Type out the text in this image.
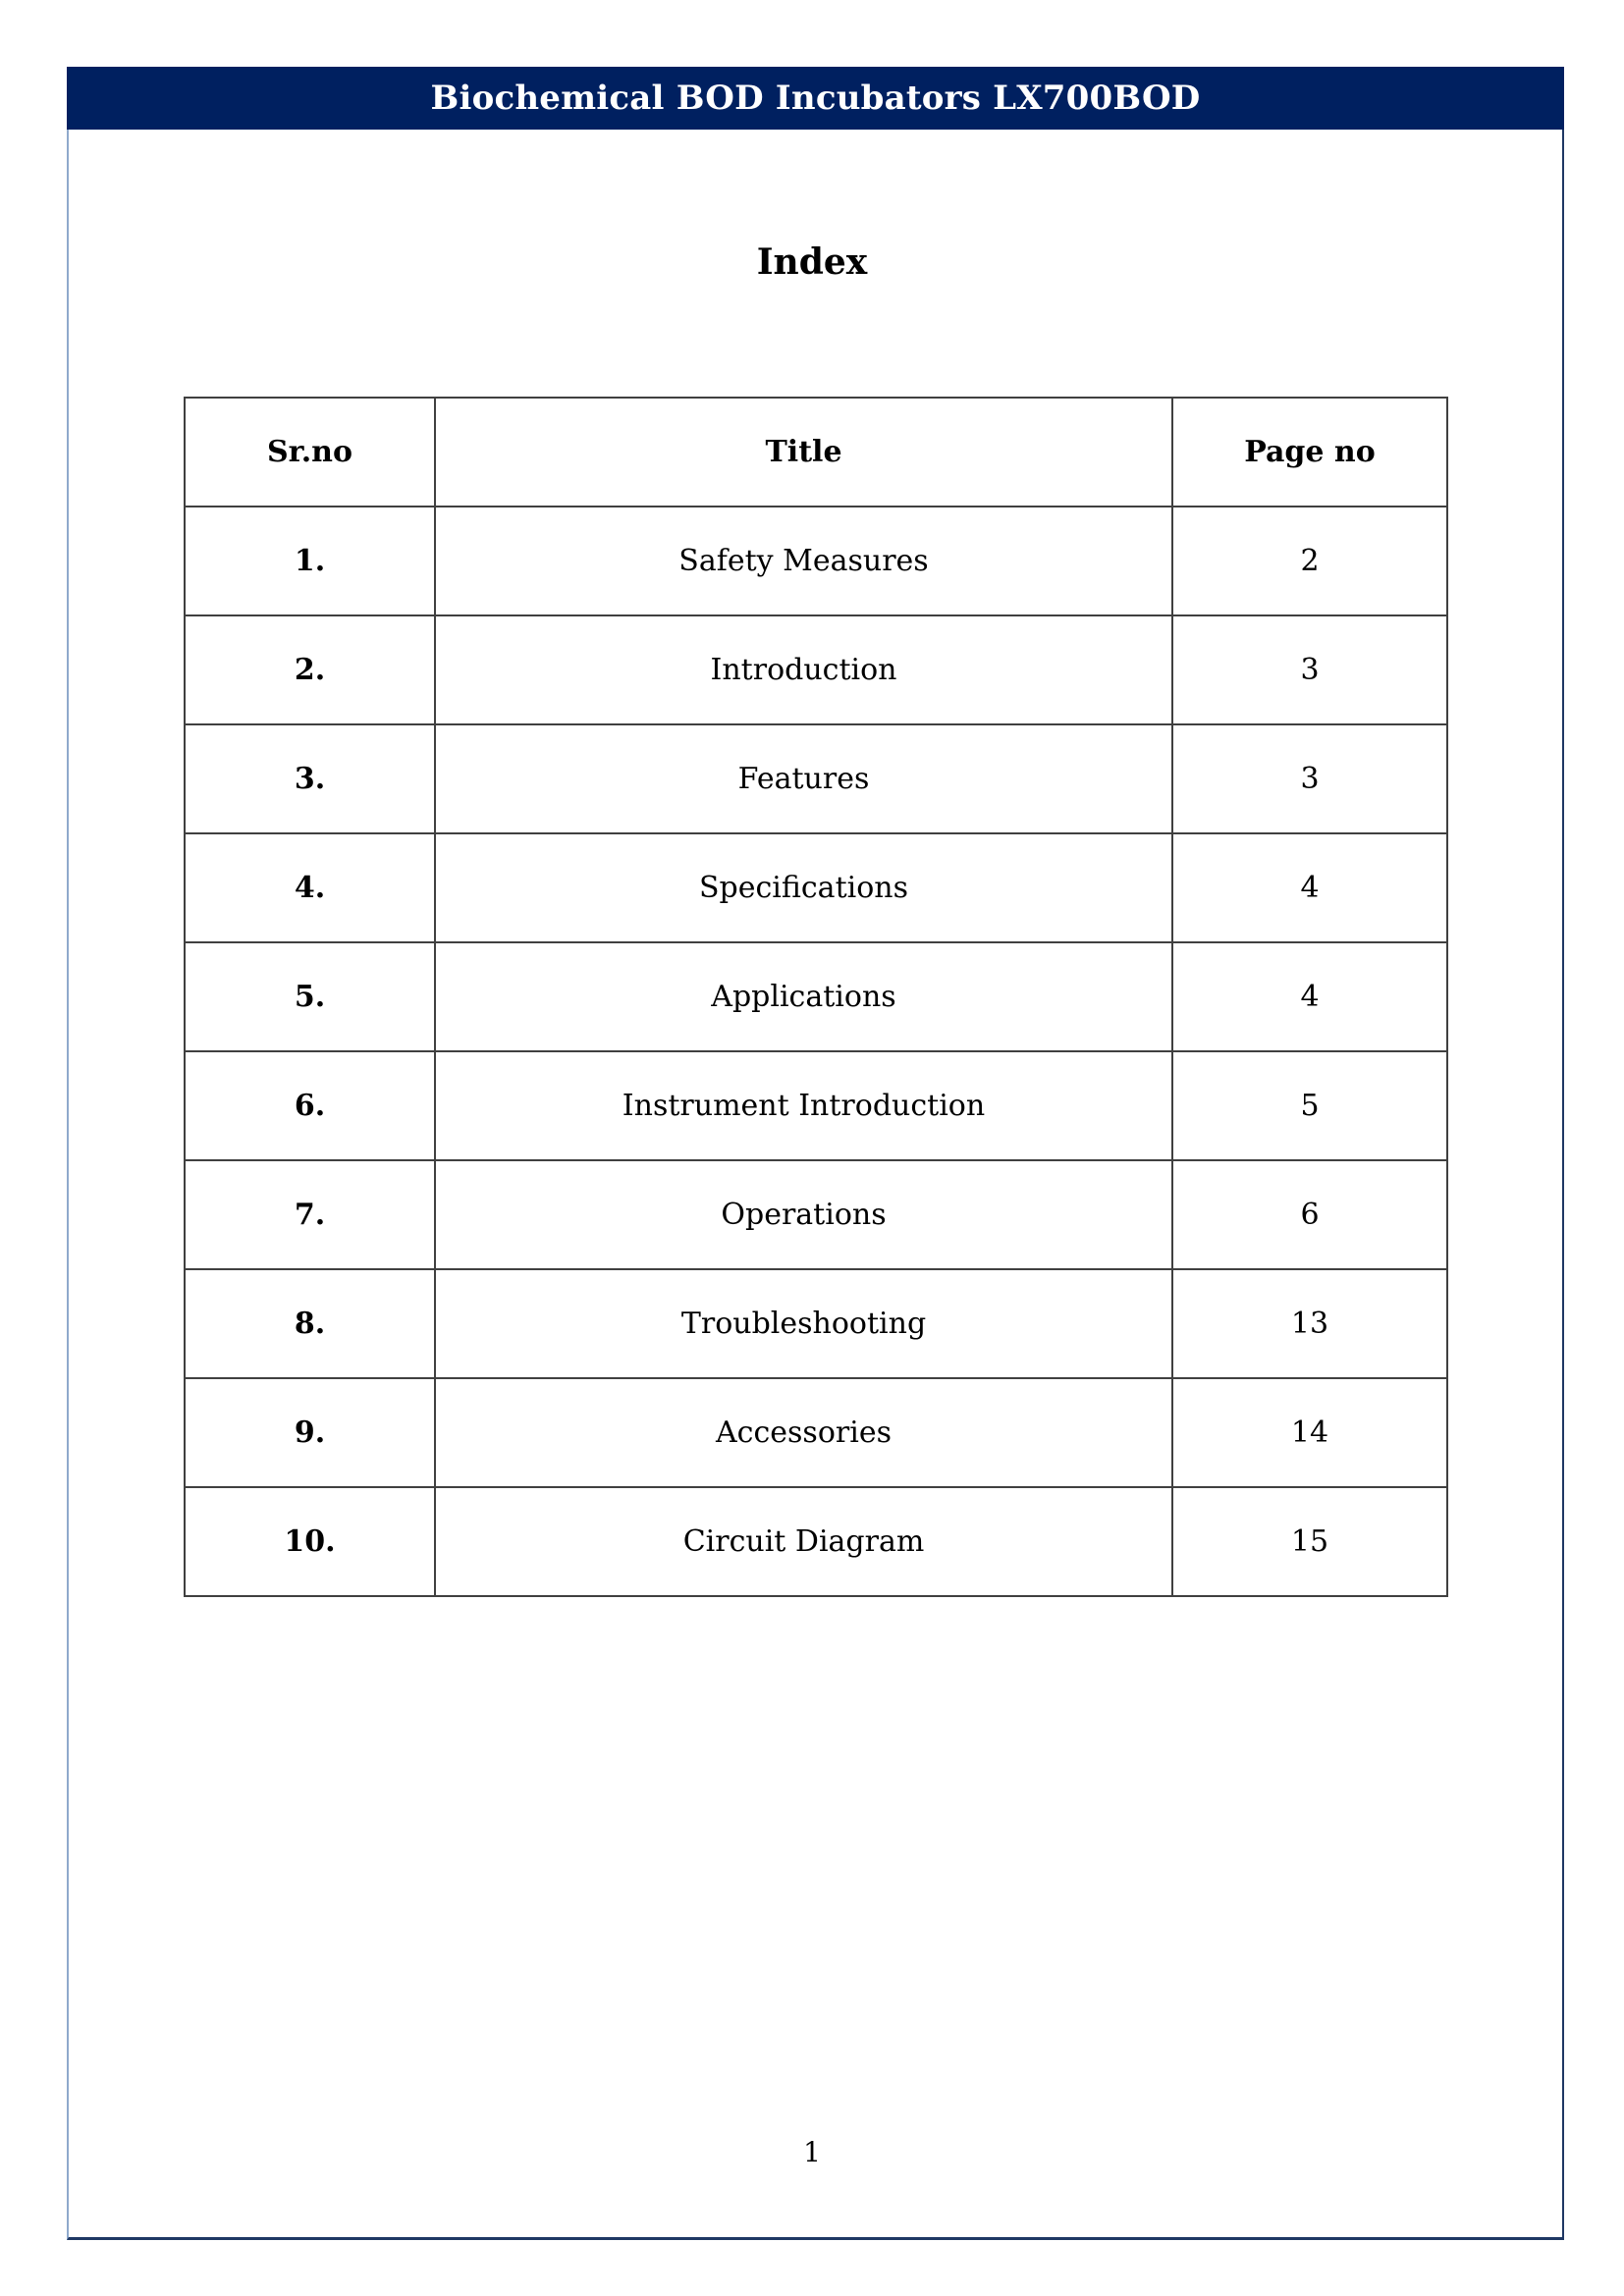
Biochemical BOD Incubators LX700BOD
Index
Sr.no	Title	Page no
1.	Safety Measures	2
2.	Introduction	3
3.	Features	3
4.	Specifications	4
5.	Applications	4
6.	Instrument Introduction	5
7.	Operations	6
8.	Troubleshooting	13
9.	Accessories	14
10.	Circuit Diagram	15
1
